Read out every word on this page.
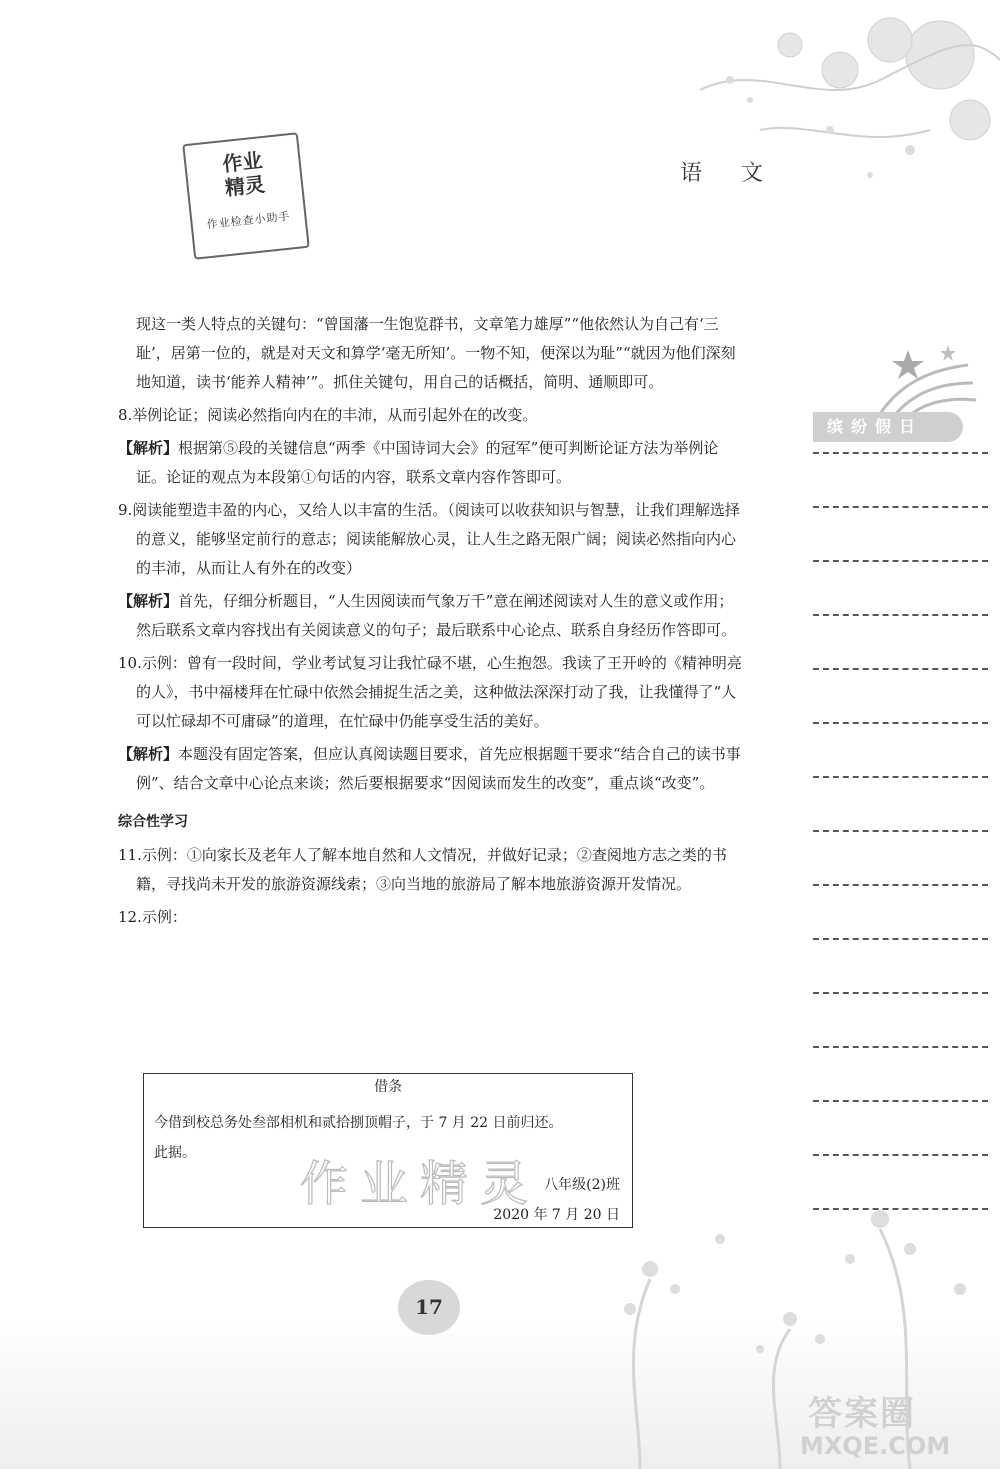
作业
精灵
作业检查小助手
语 文
缤纷假日

现这一类人特点的关键句：“曾国藩一生饱览群书，文章笔力雄厚”“他依然认为自己有‘三耻’，居第一位的，就是对天文和算学‘毫无所知’。一物不知，便深以为耻”“就因为他们深刻地知道，读书‘能养人精神’”。抓住关键句，用自己的话概括，简明、通顺即可。

8.举例论证；阅读必然指向内在的丰沛，从而引起外在的改变。

【解析】根据第⑤段的关键信息“两季《中国诗词大会》的冠军”便可判断论证方法为举例论证。论证的观点为本段第①句话的内容，联系文章内容作答即可。

9.阅读能塑造丰盈的内心，又给人以丰富的生活。（阅读可以收获知识与智慧，让我们理解选择的意义，能够坚定前行的意志；阅读能解放心灵，让人生之路无限广阔；阅读必然指向内心的丰沛，从而让人有外在的改变）

【解析】首先，仔细分析题目，“人生因阅读而气象万千”意在阐述阅读对人生的意义或作用；然后联系文章内容找出有关阅读意义的句子；最后联系中心论点、联系自身经历作答即可。

10.示例：曾有一段时间，学业考试复习让我忙碌不堪，心生抱怨。我读了王开岭的《精神明亮的人》，书中福楼拜在忙碌中依然会捕捉生活之美，这种做法深深打动了我，让我懂得了“人可以忙碌却不可庸碌”的道理，在忙碌中仍能享受生活的美好。

【解析】本题没有固定答案，但应认真阅读题目要求，首先应根据题干要求“结合自己的读书事例”、结合文章中心论点来谈；然后要根据要求“因阅读而发生的改变”，重点谈“改变”。

综合性学习

11.示例：①向家长及老年人了解本地自然和人文情况，并做好记录；②查阅地方志之类的书籍，寻找尚未开发的旅游资源线索；③向当地的旅游局了解本地旅游资源开发情况。

12.示例：

借条
今借到校总务处叁部相机和贰拾捌顶帽子，于 7 月 22 日前归还。
此据。
八年级(2)班
2020 年 7 月 20 日
作业精灵
17
答案圈
MXQE.COM
